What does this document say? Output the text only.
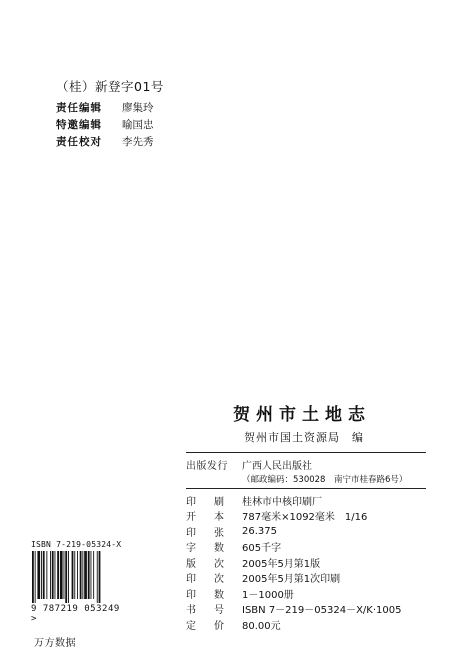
（桂）新登字01号
责任编辑	廖集玲
特邀编辑	喻国忠
责任校对	李先秀
贺州市土地志
贺州市国土资源局　编
出版发行	广西人民出版社
（邮政编码：530028　南宁市桂春路6号）
印 刷 桂林市中核印刷厂
开 本 787毫米×1092毫米　1/16
印 张 26.375
字 数 605千字
版 次 2005年5月第1版
印 次 2005年5月第1次印刷
印 数 1－1000册
书 号 ISBN 7－219－05324－X/K·1005
定 价 80.00元
ISBN 7-219-05324-X
9 787219 053249 >
万方数据
